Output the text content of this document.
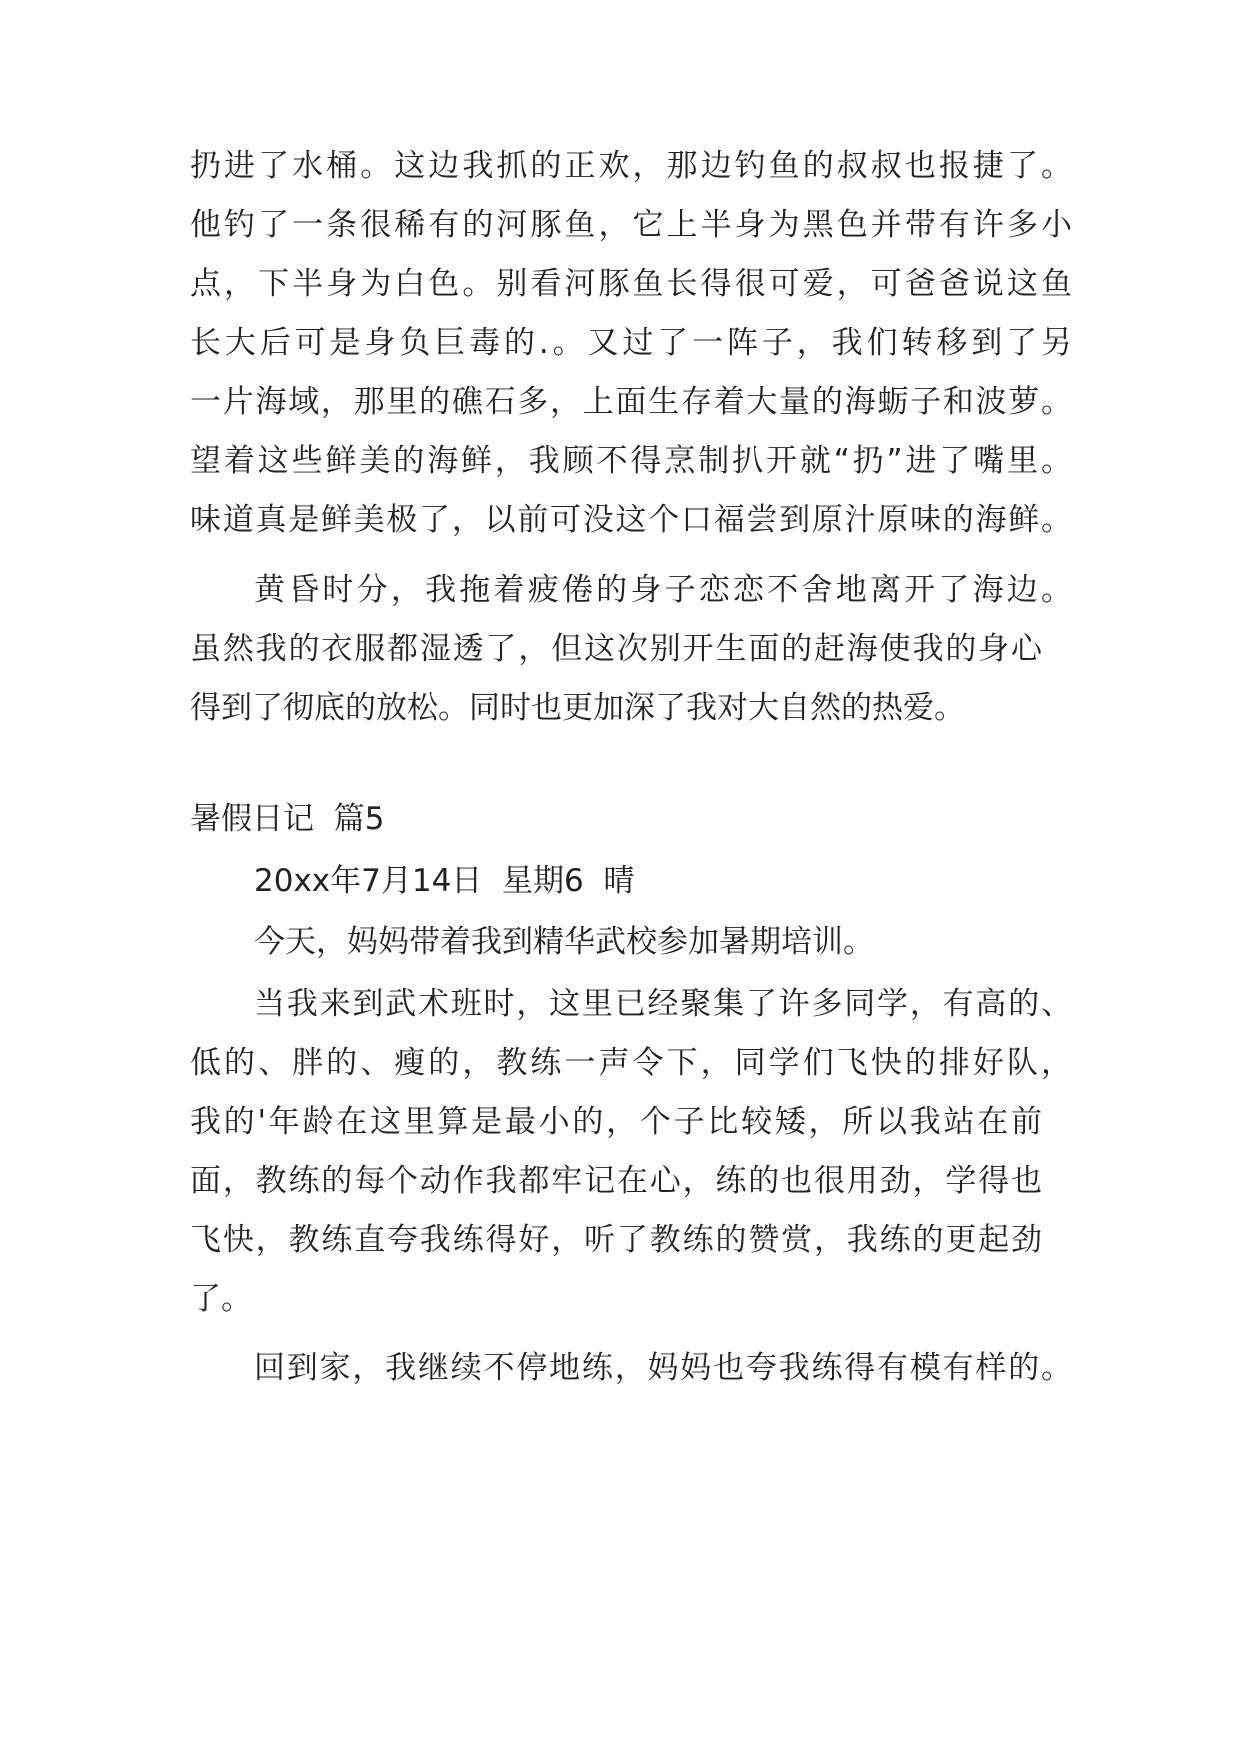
扔进了水桶。这边我抓的正欢，那边钓鱼的叔叔也报捷了。
他钓了一条很稀有的河豚鱼，它上半身为黑色并带有许多小
点，下半身为白色。别看河豚鱼长得很可爱，可爸爸说这鱼
长大后可是身负巨毒的.。又过了一阵子，我们转移到了另
一片海域，那里的礁石多，上面生存着大量的海蛎子和波萝。
望着这些鲜美的海鲜，我顾不得烹制扒开就“扔”进了嘴里。
味道真是鲜美极了，以前可没这个口福尝到原汁原味的海鲜。
黄昏时分，我拖着疲倦的身子恋恋不舍地离开了海边。
虽然我的衣服都湿透了，但这次别开生面的赶海使我的身心
得到了彻底的放松。同时也更加深了我对大自然的热爱。
暑假日记  篇5
20xx年7月14日  星期6  晴
今天，妈妈带着我到精华武校参加暑期培训。
当我来到武术班时，这里已经聚集了许多同学，有高的、
低的、胖的、瘦的，教练一声令下，同学们飞快的排好队，
我的'年龄在这里算是最小的，个子比较矮，所以我站在前
面，教练的每个动作我都牢记在心，练的也很用劲，学得也
飞快，教练直夸我练得好，听了教练的赞赏，我练的更起劲
了。
回到家，我继续不停地练，妈妈也夸我练得有模有样的。
